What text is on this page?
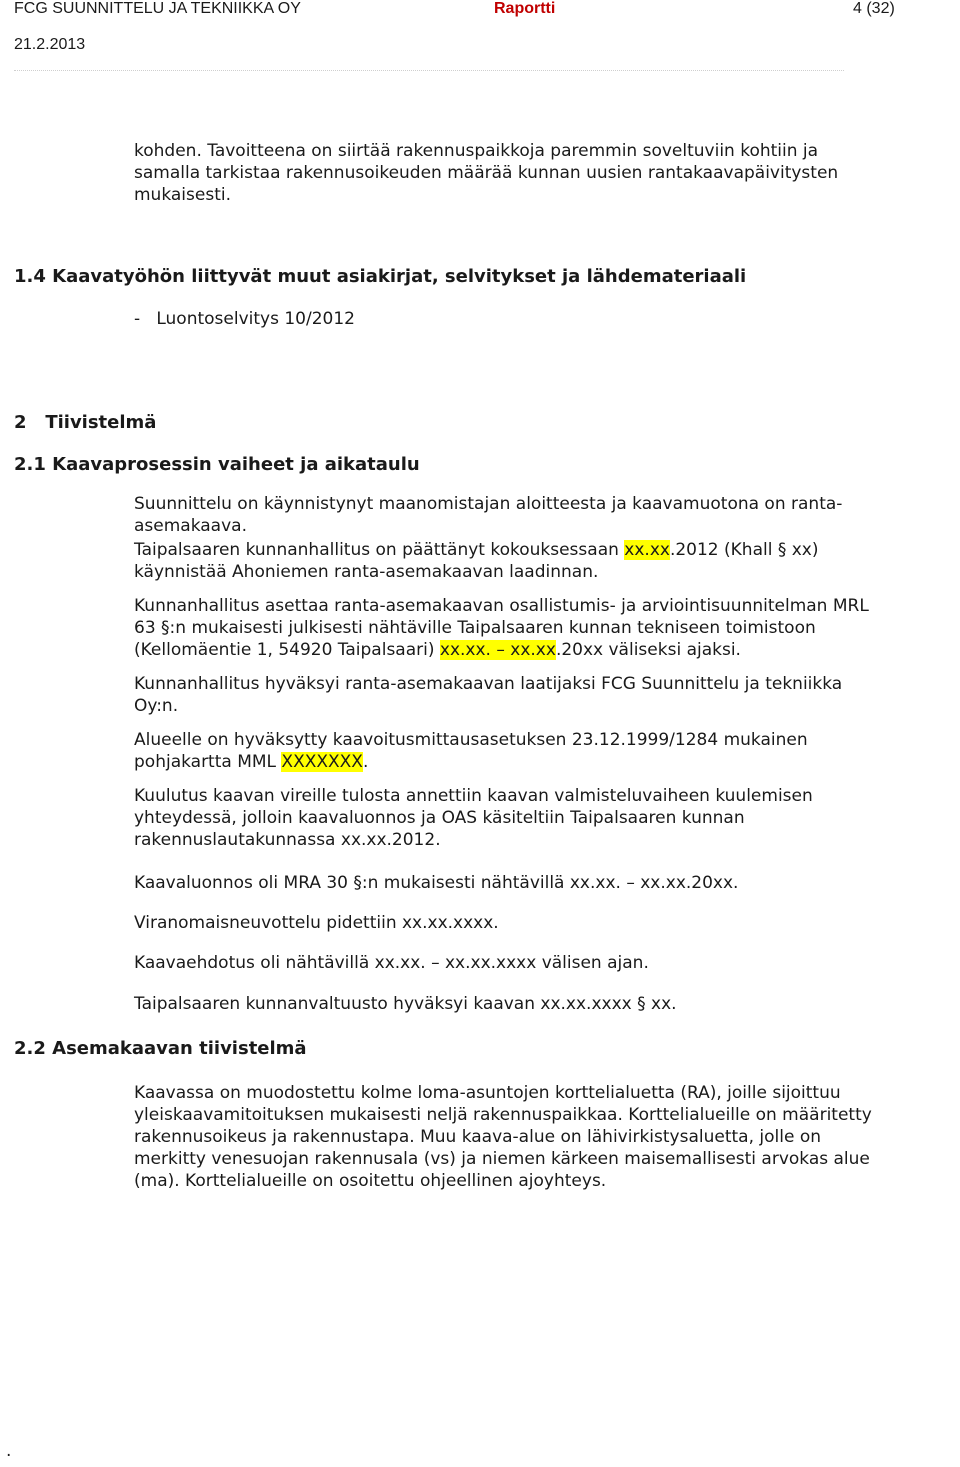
FCG SUUNNITTELU JA TEKNIIKKA OY	Raportti	4 (32)
21.2.2013

kohden. Tavoitteena on siirtää rakennuspaikkoja paremmin soveltuviin kohtiin ja

samalla tarkistaa rakennusoikeuden määrää kunnan uusien rantakaavapäivitysten

mukaisesti.

1.4 Kaavatyöhön liittyvät muut asiakirjat, selvitykset ja lähdemateriaali
-   Luontoselvitys 10/2012
2   Tiivistelmä
2.1 Kaavaprosessin vaiheet ja aikataulu

Suunnittelu on käynnistynyt maanomistajan aloitteesta ja kaavamuotona on ranta-

asemakaava.

Taipalsaaren kunnanhallitus on päättänyt kokouksessaan xx.xx.2012 (Khall § xx)

käynnistää Ahoniemen ranta-asemakaavan laadinnan.

Kunnanhallitus asettaa ranta-asemakaavan osallistumis- ja arviointisuunnitelman MRL

63 §:n mukaisesti julkisesti nähtäville Taipalsaaren kunnan tekniseen toimistoon

(Kellomäentie 1, 54920 Taipalsaari) xx.xx. – xx.xx.20xx väliseksi ajaksi.

Kunnanhallitus hyväksyi ranta-asemakaavan laatijaksi FCG Suunnittelu ja tekniikka

Oy:n.

Alueelle on hyväksytty kaavoitusmittausasetuksen 23.12.1999/1284 mukainen

pohjakartta MML XXXXXXX.

Kuulutus kaavan vireille tulosta annettiin kaavan valmisteluvaiheen kuulemisen

yhteydessä, jolloin kaavaluonnos ja OAS käsiteltiin Taipalsaaren kunnan

rakennuslautakunnassa xx.xx.2012.

Kaavaluonnos oli MRA 30 §:n mukaisesti nähtävillä xx.xx. – xx.xx.20xx.
Viranomaisneuvottelu pidettiin xx.xx.xxxx.
Kaavaehdotus oli nähtävillä xx.xx. – xx.xx.xxxx välisen ajan.
Taipalsaaren kunnanvaltuusto hyväksyi kaavan xx.xx.xxxx § xx.
2.2 Asemakaavan tiivistelmä

Kaavassa on muodostettu kolme loma-asuntojen korttelialuetta (RA), joille sijoittuu

yleiskaavamitoituksen mukaisesti neljä rakennuspaikkaa. Korttelialueille on määritetty

rakennusoikeus ja rakennustapa. Muu kaava-alue on lähivirkistysaluetta, jolle on

merkitty venesuojan rakennusala (vs) ja niemen kärkeen maisemallisesti arvokas alue

(ma). Korttelialueille on osoitettu ohjeellinen ajoyhteys.

.
